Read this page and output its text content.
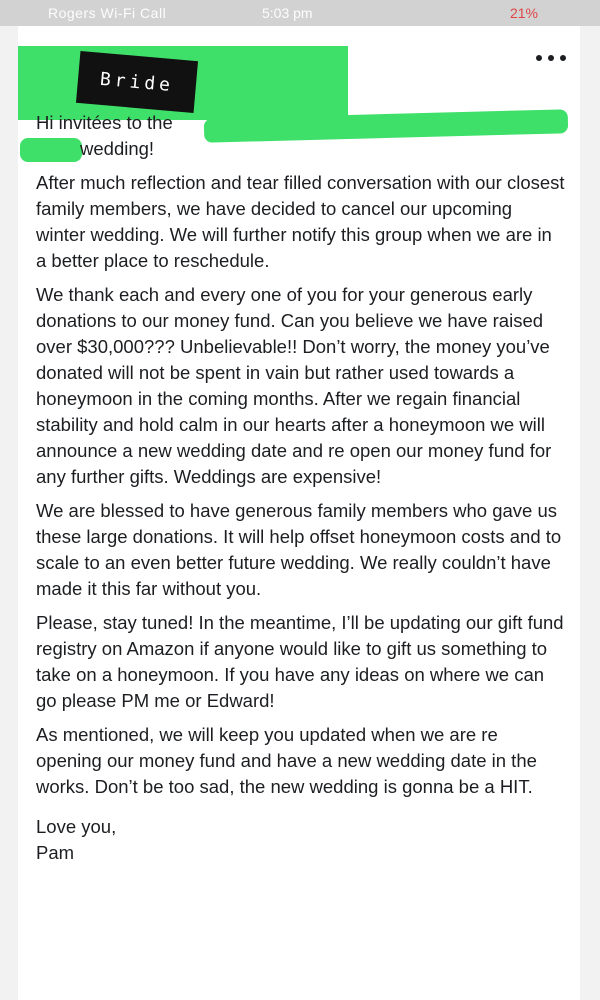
Rogers Wi-Fi Call	5:03 pm	21%
Bride
Hi invitées to the
wedding!

After much reflection and tear filled conversation with our closest family members, we have decided to cancel our upcoming winter wedding. We will further notify this group when we are in a better place to reschedule.

We thank each and every one of you for your generous early donations to our money fund. Can you believe we have raised over $30,000??? Unbelievable!! Don’t worry, the money you’ve donated will not be spent in vain but rather used towards a honeymoon in the coming months. After we regain financial stability and hold calm in our hearts after a honeymoon we will announce a new wedding date and re open our money fund for any further gifts. Weddings are expensive!

We are blessed to have generous family members who gave us these large donations. It will help offset honeymoon costs and to scale to an even better future wedding. We really couldn’t have made it this far without you.

Please, stay tuned! In the meantime, I’ll be updating our gift fund registry on Amazon if anyone would like to gift us something to take on a honeymoon. If you have any ideas on where we can go please PM me or Edward!

As mentioned, we will keep you updated when we are re opening our money fund and have a new wedding date in the works. Don’t be too sad, the new wedding is gonna be a HIT.

Love you,
Pam
